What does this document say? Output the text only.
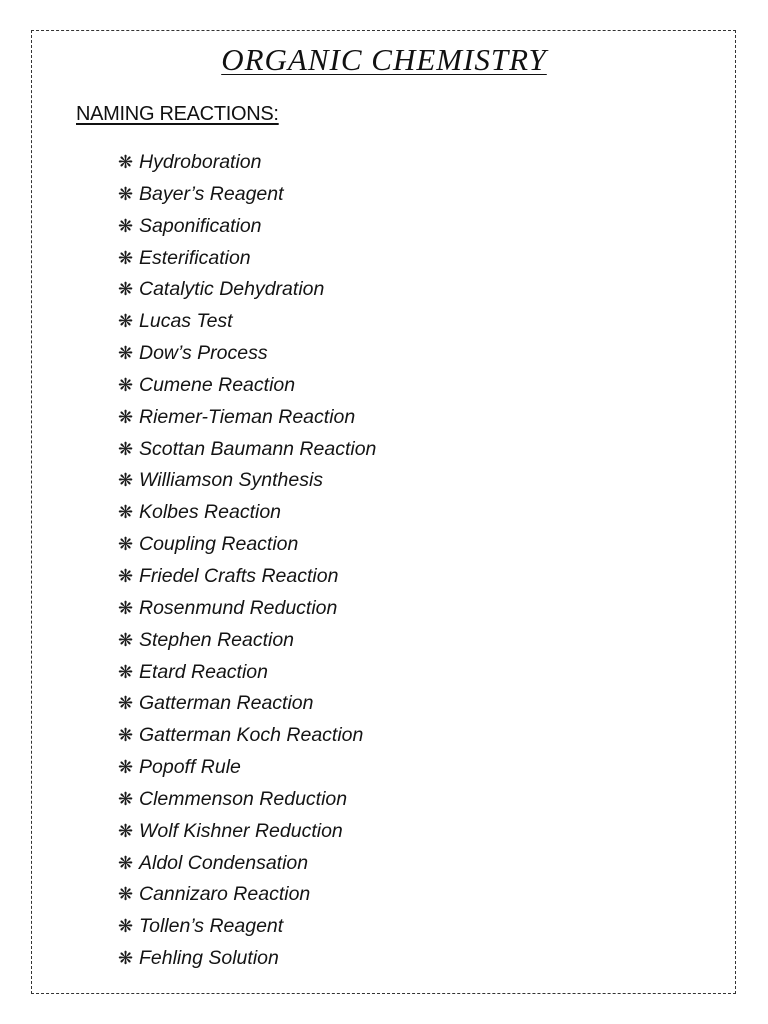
ORGANIC CHEMISTRY
NAMING REACTIONS:
❋ Hydroboration
❋ Bayer’s Reagent
❋ Saponification
❋ Esterification
❋ Catalytic Dehydration
❋ Lucas Test
❋ Dow’s Process
❋ Cumene Reaction
❋ Riemer-Tieman Reaction
❋ Scottan Baumann Reaction
❋ Williamson Synthesis
❋ Kolbes Reaction
❋ Coupling Reaction
❋ Friedel Crafts Reaction
❋ Rosenmund Reduction
❋ Stephen Reaction
❋ Etard Reaction
❋ Gatterman Reaction
❋ Gatterman Koch Reaction
❋ Popoff Rule
❋ Clemmenson Reduction
❋ Wolf Kishner Reduction
❋ Aldol Condensation
❋ Cannizaro Reaction
❋ Tollen’s Reagent
❋ Fehling Solution
